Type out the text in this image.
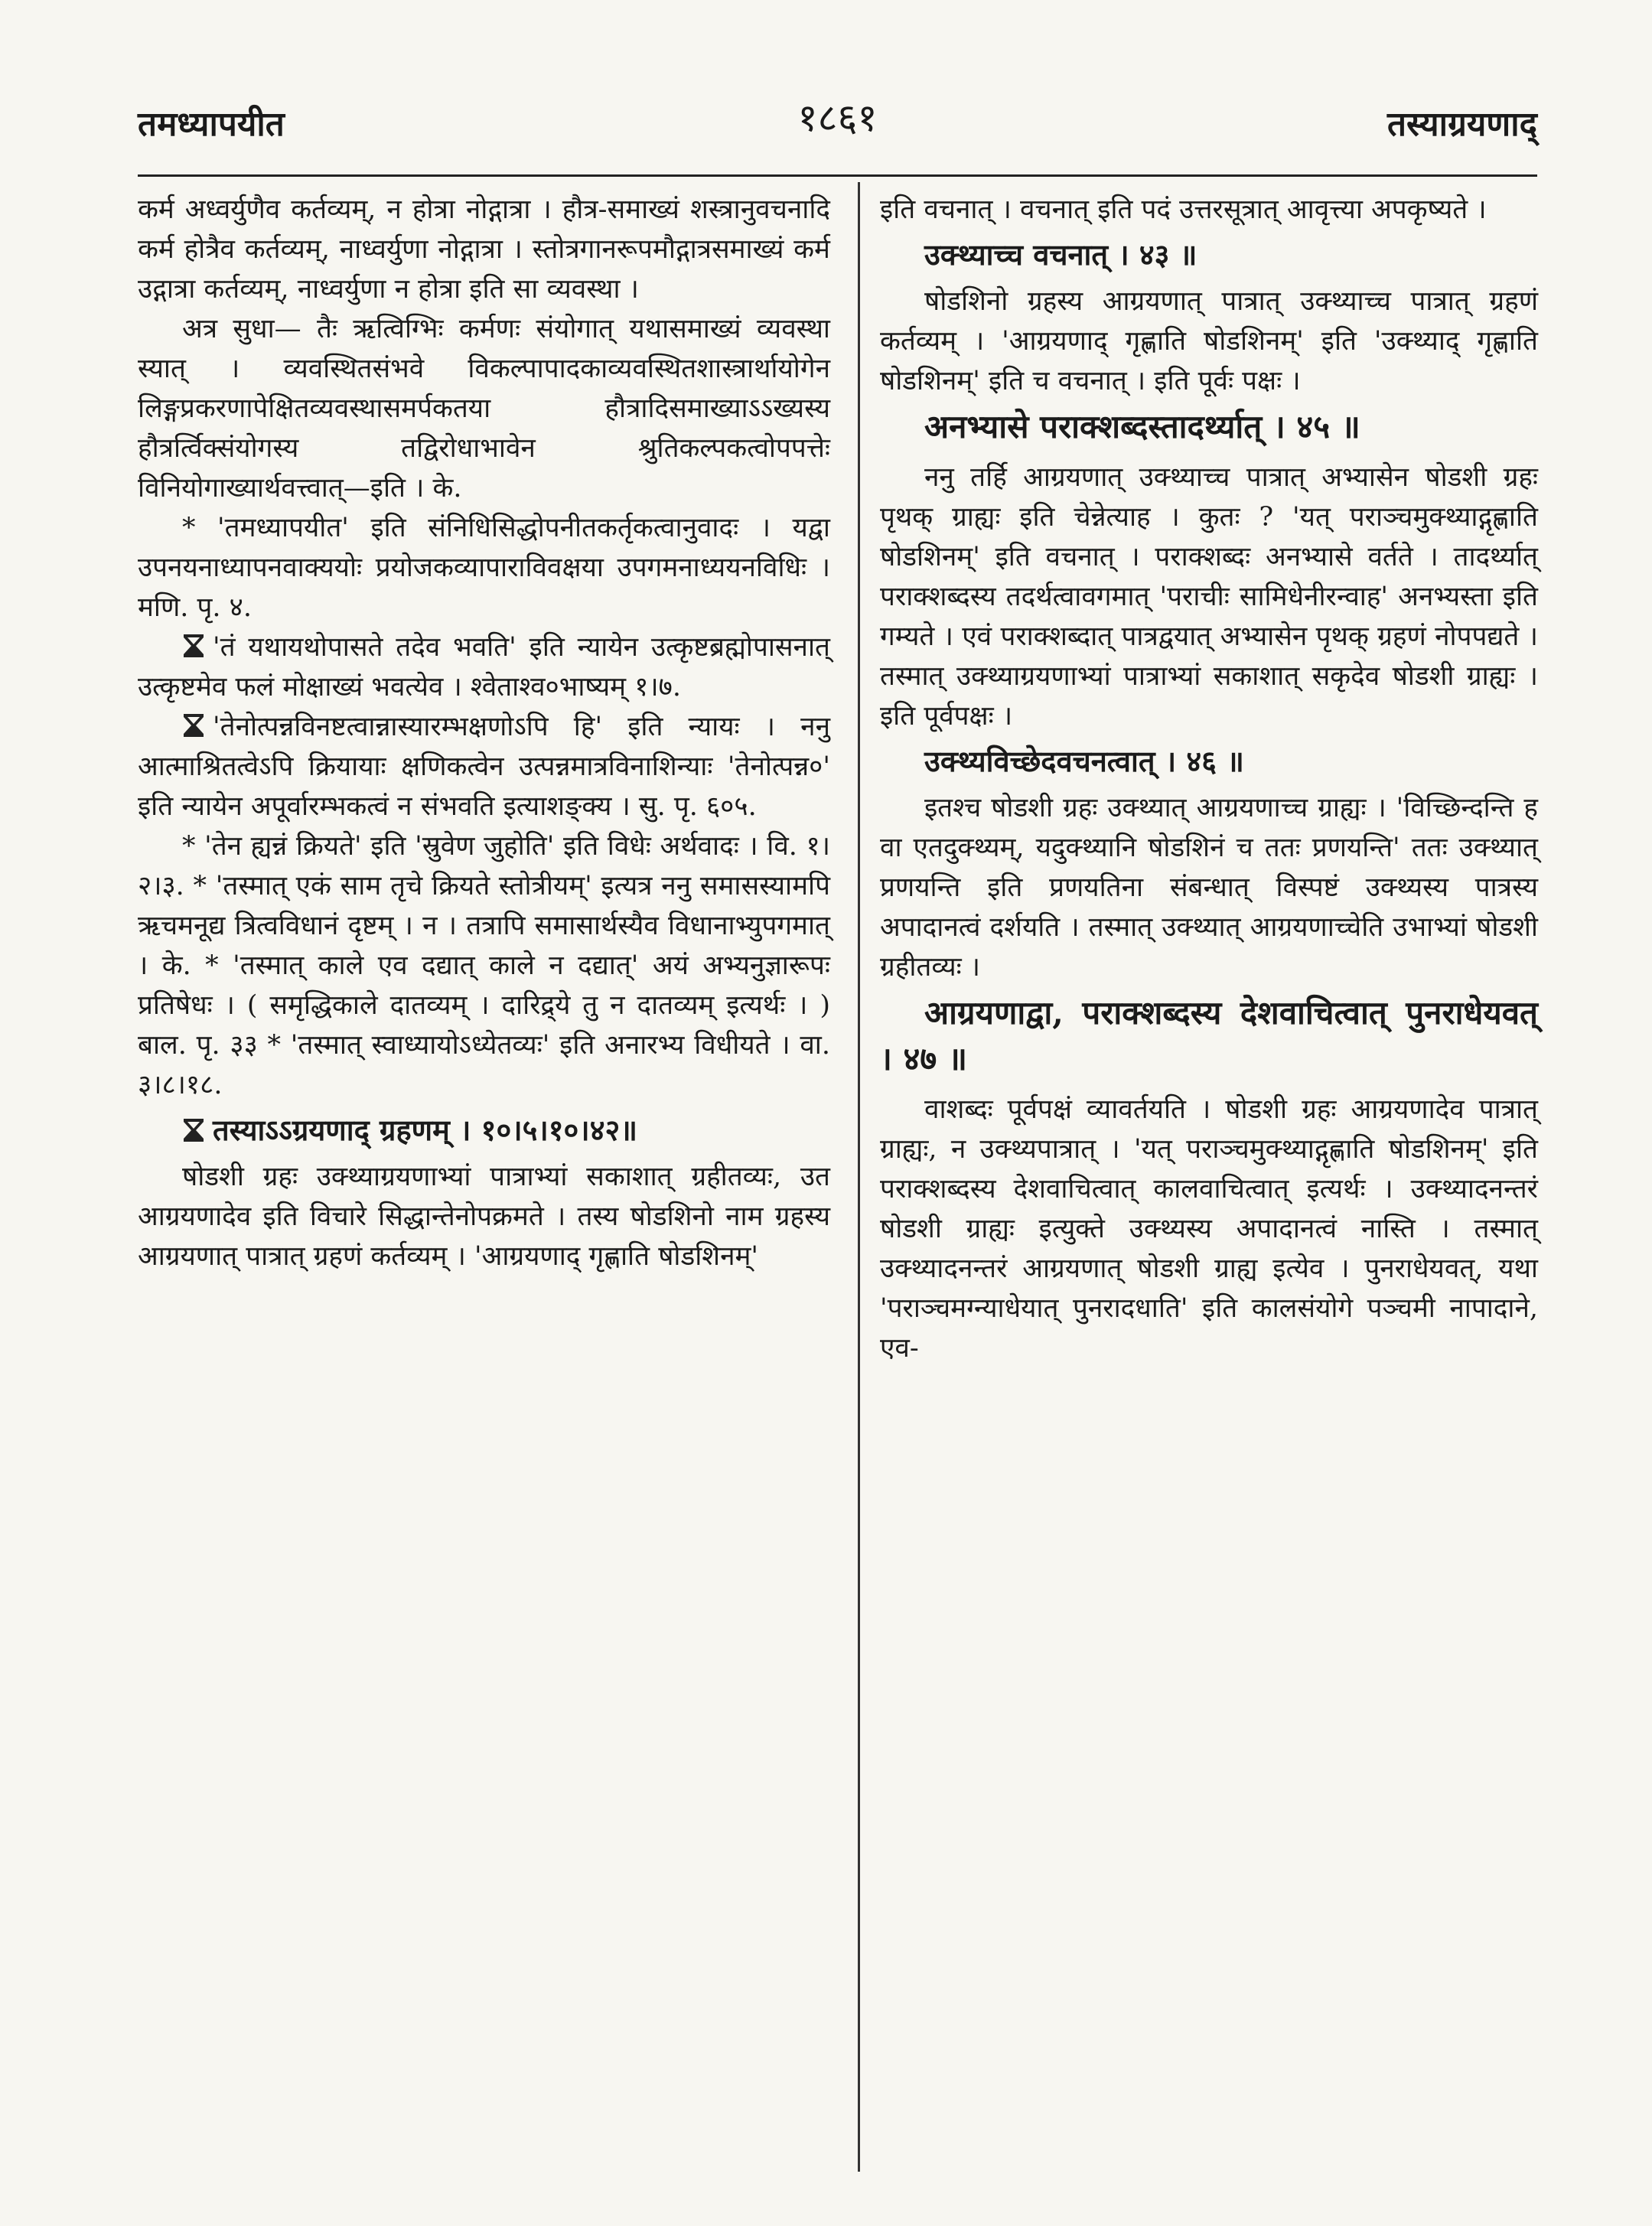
तमध्यापयीत	१८६१	तस्याग्रयणाद्

कर्म अध्वर्युणैव कर्तव्यम्, न होत्रा नोद्गात्रा । हौत्र-समाख्यं शस्त्रानुवचनादि कर्म होत्रैव कर्तव्यम्, नाध्वर्युणा नोद्गात्रा । स्तोत्रगानरूपमौद्गात्रसमाख्यं कर्म उद्गात्रा कर्तव्यम्, नाध्वर्युणा न होत्रा इति सा व्यवस्था ।

अत्र सुधा— तैः ऋत्विग्भिः कर्मणः संयोगात् यथासमाख्यं व्यवस्था स्यात् । व्यवस्थितसंभवे विकल्पापादकाव्यवस्थितशास्त्रार्थायोगेन लिङ्गप्रकरणापेक्षितव्यवस्थासमर्पकतया हौत्रादिसमाख्याऽऽख्यस्य हौत्रर्त्विक्संयोगस्य तद्विरोधाभावेन श्रुतिकल्पकत्वोपपत्तेः विनियोगाख्यार्थवत्त्वात्—इति । के.

* 'तमध्यापयीत' इति संनिधिसिद्धोपनीतकर्तृकत्वानुवादः । यद्वा उपनयनाध्यापनवाक्ययोः प्रयोजकव्यापाराविवक्षया उपगमनाध्ययनविधिः । मणि. पृ. ४.

'तं यथायथोपासते तदेव भवति' इति न्यायेन उत्कृष्टब्रह्मोपासनात् उत्कृष्टमेव फलं मोक्षाख्यं भवत्येव । श्वेताश्व०भाष्यम् १।७.

'तेनोत्पन्नविनष्टत्वान्नास्यारम्भक्षणोऽपि हि' इति न्यायः । ननु आत्माश्रितत्वेऽपि क्रियायाः क्षणिकत्वेन उत्पन्नमात्रविनाशिन्याः 'तेनोत्पन्न०' इति न्यायेन अपूर्वारम्भकत्वं न संभवति इत्याशङ्क्य । सु. पृ. ६०५.

* 'तेन ह्यन्नं क्रियते' इति 'स्रुवेण जुहोति' इति विधेः अर्थवादः । वि. १।२।३. * 'तस्मात् एकं साम तृचे क्रियते स्तोत्रीयम्' इत्यत्र ननु समासस्यामपि ऋचमनूद्य त्रित्वविधानं दृष्टम् । न । तत्रापि समासार्थस्यैव विधानाभ्युपगमात् । के. * 'तस्मात् काले एव दद्यात् काले न दद्यात्' अयं अभ्यनुज्ञारूपः प्रतिषेधः । ( समृद्धिकाले दातव्यम् । दारिद्र्ये तु न दातव्यम् इत्यर्थः । ) बाल. पृ. ३३ * 'तस्मात् स्वाध्यायोऽध्येतव्यः' इति अनारभ्य विधीयते । वा. ३।८।१८.

तस्याऽऽग्रयणाद् ग्रहणम् । १०।५।१०।४२॥

षोडशी ग्रहः उक्थ्याग्रयणाभ्यां पात्राभ्यां सकाशात् ग्रहीतव्यः, उत आग्रयणादेव इति विचारे सिद्धान्तेनोपक्रमते । तस्य षोडशिनो नाम ग्रहस्य आग्रयणात् पात्रात् ग्रहणं कर्तव्यम् । 'आग्रयणाद् गृह्णाति षोडशिनम्'

इति वचनात् । वचनात् इति पदं उत्तरसूत्रात् आवृत्त्या अपकृष्यते ।

उक्थ्याच्च वचनात् । ४३ ॥

षोडशिनो ग्रहस्य आग्रयणात् पात्रात् उक्थ्याच्च पात्रात् ग्रहणं कर्तव्यम् । 'आग्रयणाद् गृह्णाति षोडशिनम्' इति 'उक्थ्याद् गृह्णाति षोडशिनम्' इति च वचनात् । इति पूर्वः पक्षः ।

अनभ्यासे पराक्शब्दस्तादर्थ्यात् । ४५ ॥

ननु तर्हि आग्रयणात् उक्थ्याच्च पात्रात् अभ्यासेन षोडशी ग्रहः पृथक् ग्राह्यः इति चेन्नेत्याह । कुतः ? 'यत् पराञ्चमुक्थ्याद्गृह्णाति षोडशिनम्' इति वचनात् । पराक्शब्दः अनभ्यासे वर्तते । तादर्थ्यात् पराक्शब्दस्य तदर्थत्वावगमात् 'पराचीः सामिधेनीरन्वाह' अनभ्यस्ता इति गम्यते । एवं पराक्शब्दात् पात्रद्वयात् अभ्यासेन पृथक् ग्रहणं नोपपद्यते । तस्मात् उक्थ्याग्रयणाभ्यां पात्राभ्यां सकाशात् सकृदेव षोडशी ग्राह्यः । इति पूर्वपक्षः ।

उक्थ्यविच्छेदवचनत्वात् । ४६ ॥

इतश्च षोडशी ग्रहः उक्थ्यात् आग्रयणाच्च ग्राह्यः । 'विच्छिन्दन्ति ह वा एतदुक्थ्यम्, यदुक्थ्यानि षोडशिनं च ततः प्रणयन्ति' ततः उक्थ्यात् प्रणयन्ति इति प्रणयतिना संबन्धात् विस्पष्टं उक्थ्यस्य पात्रस्य अपादानत्वं दर्शयति । तस्मात् उक्थ्यात् आग्रयणाच्चेति उभाभ्यां षोडशी ग्रहीतव्यः ।

आग्रयणाद्वा, पराक्शब्दस्य देशवाचित्वात् पुनराधेयवत् । ४७ ॥

वाशब्दः पूर्वपक्षं व्यावर्तयति । षोडशी ग्रहः आग्रयणादेव पात्रात् ग्राह्यः, न उक्थ्यपात्रात् । 'यत् पराञ्चमुक्थ्याद्गृह्णाति षोडशिनम्' इति पराक्शब्दस्य देशवाचित्वात् कालवाचित्वात् इत्यर्थः । उक्थ्यादनन्तरं षोडशी ग्राह्यः इत्युक्ते उक्थ्यस्य अपादानत्वं नास्ति । तस्मात् उक्थ्यादनन्तरं आग्रयणात् षोडशी ग्राह्य इत्येव । पुनराधेयवत्, यथा 'पराञ्चमग्न्याधेयात् पुनरादधाति' इति कालसंयोगे पञ्चमी नापादाने, एव-
